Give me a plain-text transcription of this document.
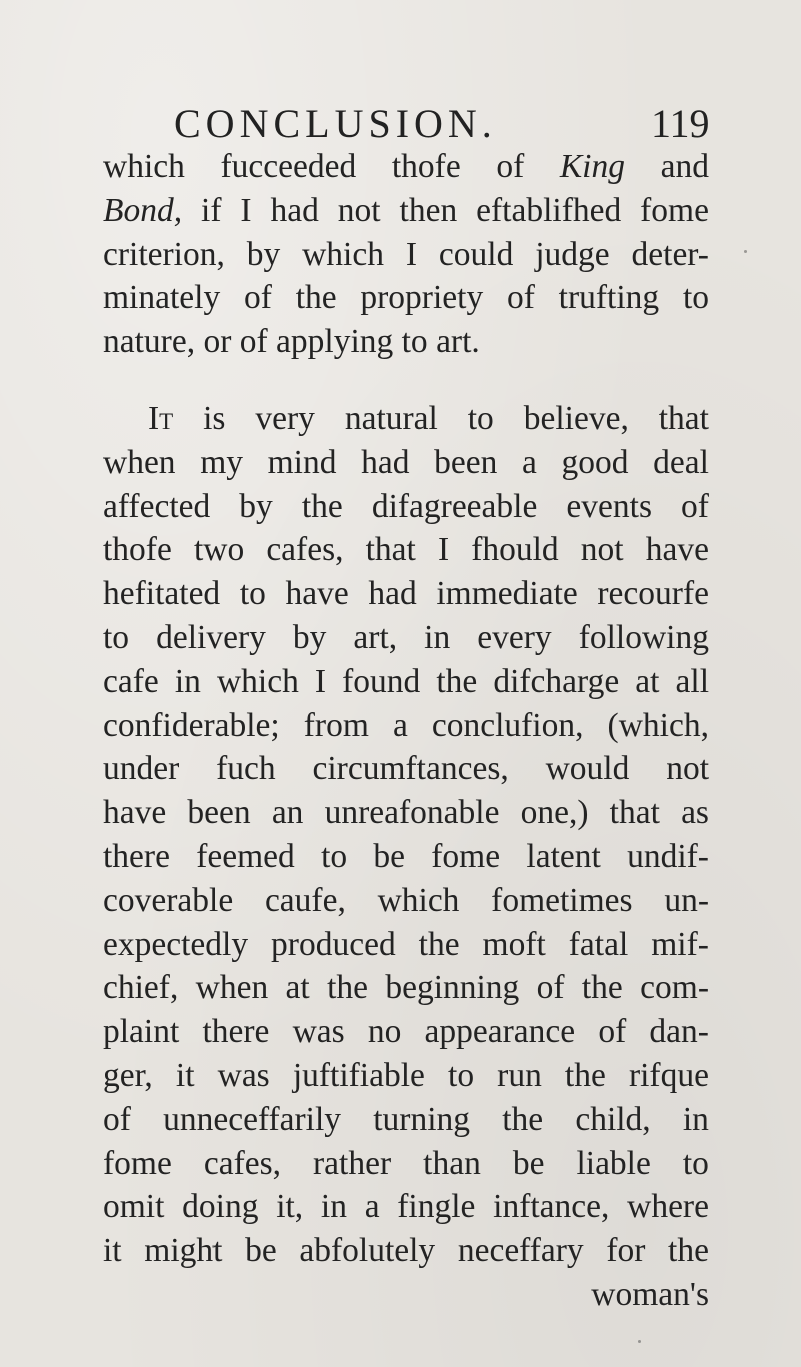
CONCLUSION.	119
which fucceeded thofe of King and
Bond, if I had not then eftablifhed fome
criterion, by which I could judge deter-
minately of the propriety of trufting to
nature,
or
of
applying
to
art.
It is very natural to believe, that
when my mind had been a good deal
affected by the difagreeable events of
thofe two cafes, that I fhould not have
hefitated to have had immediate recourfe
to delivery by art, in every following
cafe in which I found the difcharge at all
confiderable; from a conclufion, (which,
under fuch circumftances, would not
have been an unreafonable one,) that as
there feemed to be fome latent undif-
coverable caufe, which fometimes un-
expectedly produced the moft fatal mif-
chief, when at the beginning of the com-
plaint there was no appearance of dan-
ger, it was juftifiable to run the rifque
of unneceffarily turning the child, in
fome cafes, rather than be liable to
omit doing it, in a fingle inftance, where
it might be abfolutely neceffary for the
woman's
